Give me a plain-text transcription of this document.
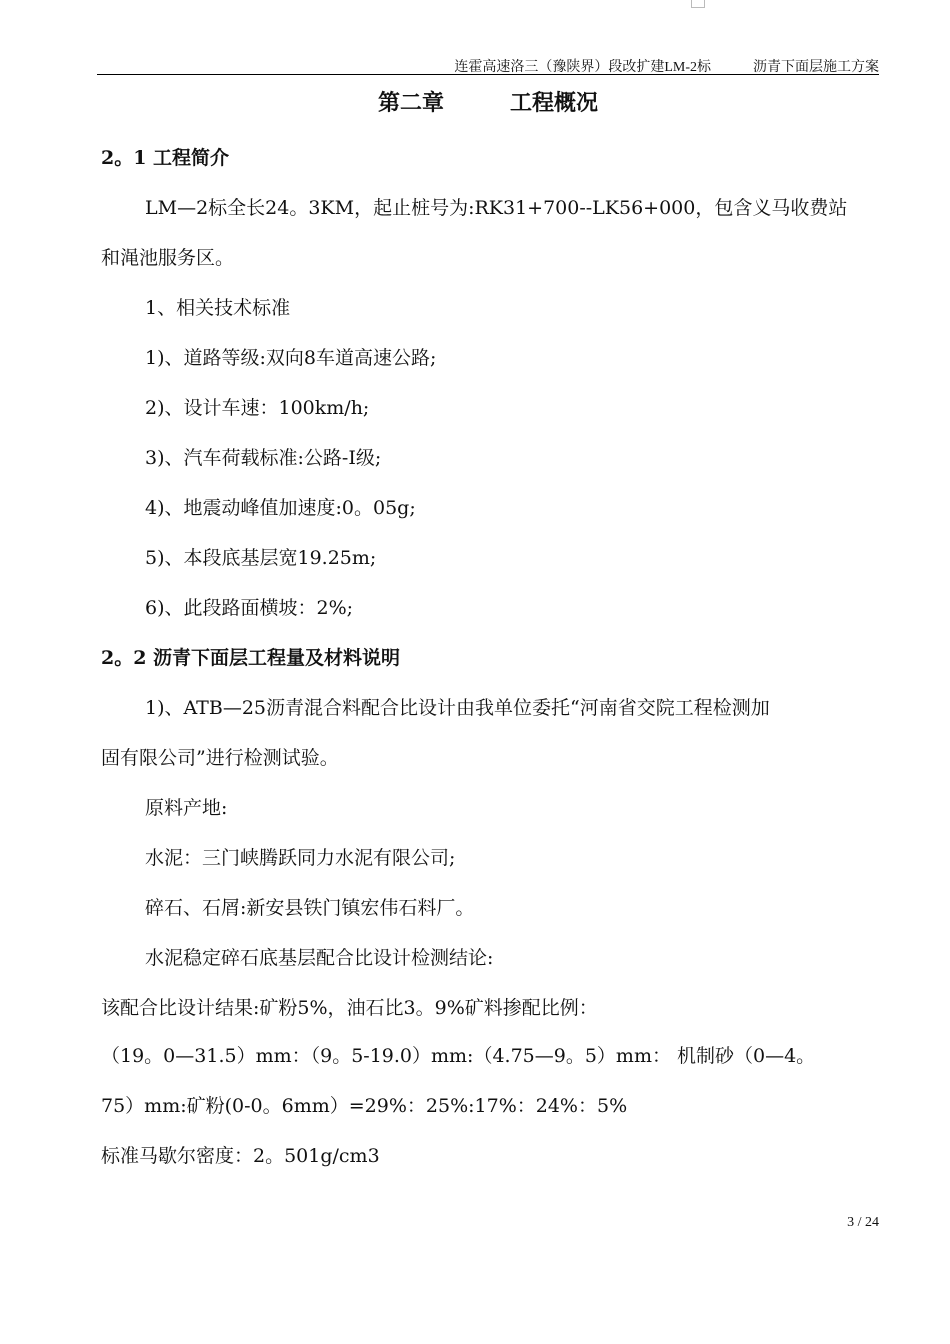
连霍高速洛三（豫陕界）段改扩建LM-2标　　　沥青下面层施工方案
第二章　　　工程概况
2。1 工程简介
LM—2标全长24。3KM，起止桩号为:RK31+700--LK56+000，包含义马收费站
和渑池服务区。
1、相关技术标准
1)、道路等级:双向8车道高速公路;
2)、设计车速：100km/h;
3)、汽车荷载标准:公路-Ⅰ级;
4)、地震动峰值加速度:0。05g;
5)、本段底基层宽19.25m;
6)、此段路面横坡：2%;
2。2 沥青下面层工程量及材料说明
1)、ATB—25沥青混合料配合比设计由我单位委托“河南省交院工程检测加
固有限公司”进行检测试验。
原料产地:
水泥：三门峡腾跃同力水泥有限公司;
碎石、石屑:新安县铁门镇宏伟石料厂。
水泥稳定碎石底基层配合比设计检测结论:
该配合比设计结果:矿粉5%，油石比3。9%矿料掺配比例：
（19。0—31.5）mm：（9。5-19.0）mm:（4.75—9。5）mm： 机制砂（0—4。
75）mm:矿粉(0-0。6mm）=29%：25%:17%：24%：5%
标准马歇尔密度：2。501g/cm3
3 / 24
